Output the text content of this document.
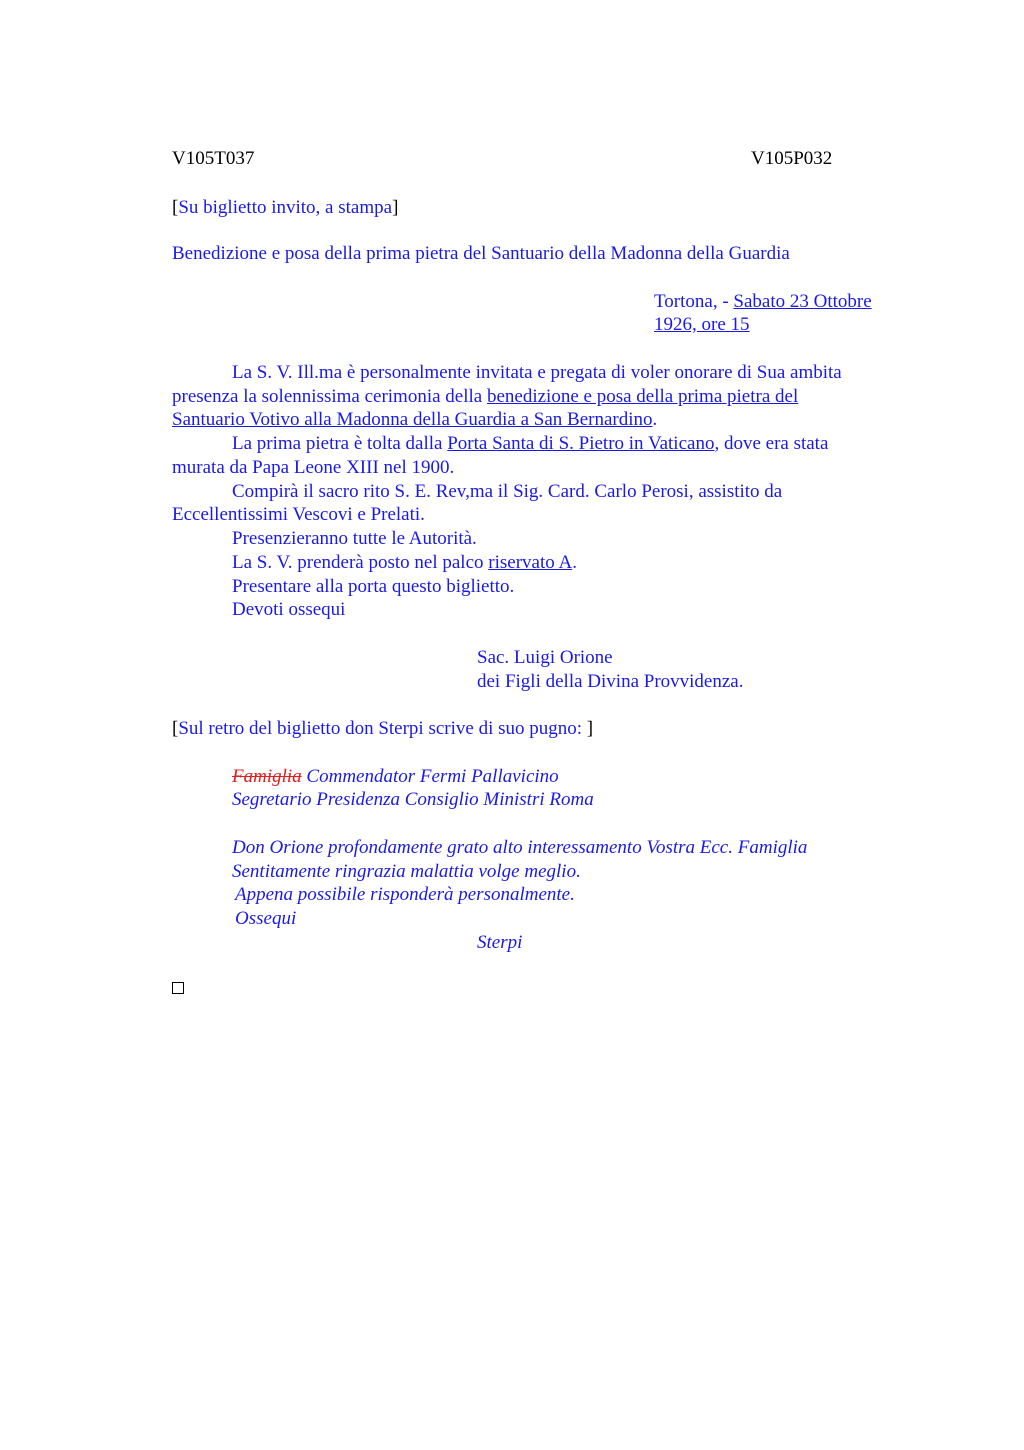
V105T037	V105P032
[Su biglietto invito, a stampa]
Benedizione e posa della prima pietra del Santuario della Madonna della Guardia
Tortona, - Sabato 23 Ottobre
1926, ore 15
La S. V. Ill.ma è personalmente invitata e pregata di voler onorare di Sua ambita
presenza la solennissima cerimonia della benedizione e posa della prima pietra del
Santuario Votivo alla Madonna della Guardia a San Bernardino.
La prima pietra è tolta dalla Porta Santa di S. Pietro in Vaticano, dove era stata
murata da Papa Leone XIII nel 1900.
Compirà il sacro rito S. E. Rev,ma il Sig. Card. Carlo Perosi, assistito da
Eccellentissimi Vescovi e Prelati.
Presenzieranno tutte le Autorità.
La S. V. prenderà posto nel palco riservato A.
Presentare alla porta questo biglietto.
Devoti ossequi
Sac. Luigi Orione
dei Figli della Divina Provvidenza.
[Sul retro del biglietto don Sterpi scrive di suo pugno: ]
Famiglia Commendator Fermi Pallavicino
Segretario Presidenza Consiglio Ministri Roma
Don Orione profondamente grato alto interessamento Vostra Ecc. Famiglia
Sentitamente ringrazia malattia volge meglio.
Appena possibile risponderà personalmente.
Ossequi
Sterpi
